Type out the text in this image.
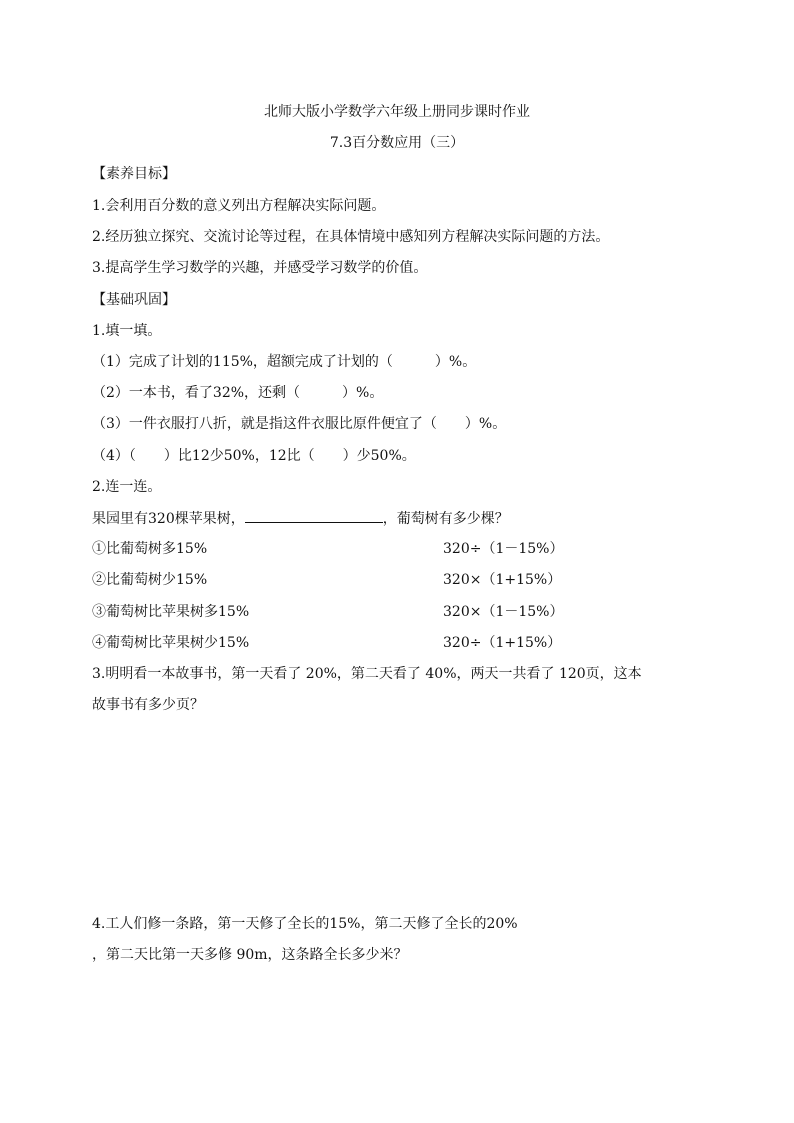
北师大版小学数学六年级上册同步课时作业
7.3百分数应用（三）
【素养目标】
1.会利用百分数的意义列出方程解决实际问题。
2.经历独立探究、交流讨论等过程，在具体情境中感知列方程解决实际问题的方法。
3.提高学生学习数学的兴趣，并感受学习数学的价值。
【基础巩固】
1.填一填。
（1）完成了计划的115%，超额完成了计划的（　　　）%。
（2）一本书，看了32%，还剩（　　　）%。
（3）一件衣服打八折，就是指这件衣服比原件便宜了（　　）%。
（4）（　　）比12少50%，12比（　　）少50%。
2.连一连。
果园里有320棵苹果树，	，葡萄树有多少棵？
①比葡萄树多15%	320÷（1－15%）
②比葡萄树少15%	320×（1+15%）
③葡萄树比苹果树多15%	320×（1－15%）
④葡萄树比苹果树少15%	320÷（1+15%）
3.明明看一本故事书，第一天看了 20%，第二天看了 40%，两天一共看了 120页，这本
故事书有多少页？
4.工人们修一条路，第一天修了全长的15%，第二天修了全长的20%
，第二天比第一天多修 90m，这条路全长多少米？
